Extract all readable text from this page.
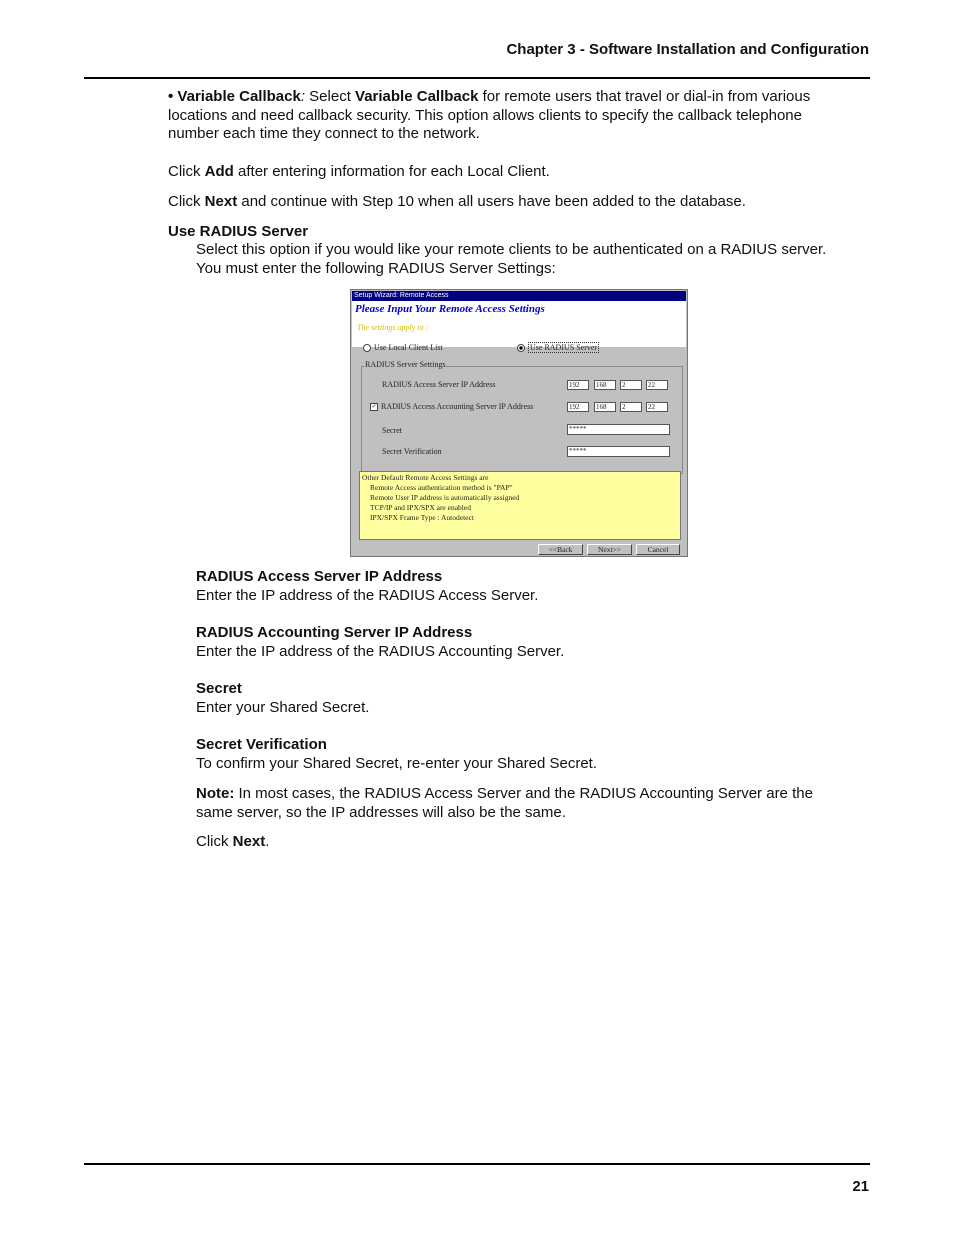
Chapter 3 - Software Installation and Configuration

• Variable Callback: Select Variable Callback for remote users that travel or dial-in from various

locations and need callback security. This option allows clients to specify the callback telephone

number each time they connect to the network.

Click Add after entering information for each Local Client.

Click Next and continue with Step 10 when all users have been added to the database.

Use RADIUS Server

Select this option if you would like your remote clients to be authenticated on a RADIUS server.

You must enter the following RADIUS Server Settings:

Setup Wizard: Remote Access
Please Input Your Remote Access Settings
The settings apply to :
Use Local Client List	Use RADIUS Server
RADIUS Server Settings
RADIUS Access Server IP Address	192	168	2	22
✓ RADIUS Access Accounting Server IP Address	192	168	2	22
Secret	*****
Secret Verification	*****
Other Default Remote Access Settings are
Remote Access authentication method is "PAP"
Remote User IP address is automatically assigned
TCP/IP and IPX/SPX are enabled
IPX/SPX Frame Type : Autodetect
<<Back	Next>>	Cancel

RADIUS Access Server IP Address

Enter the IP address of the RADIUS Access Server.

RADIUS Accounting Server IP Address

Enter the IP address of the RADIUS Accounting Server.

Secret

Enter your Shared Secret.

Secret Verification

To confirm your Shared Secret, re-enter your Shared Secret.

Note: In most cases, the RADIUS Access Server and the RADIUS Accounting Server are the

same server, so the IP addresses will also be the same.

Click Next.

21
